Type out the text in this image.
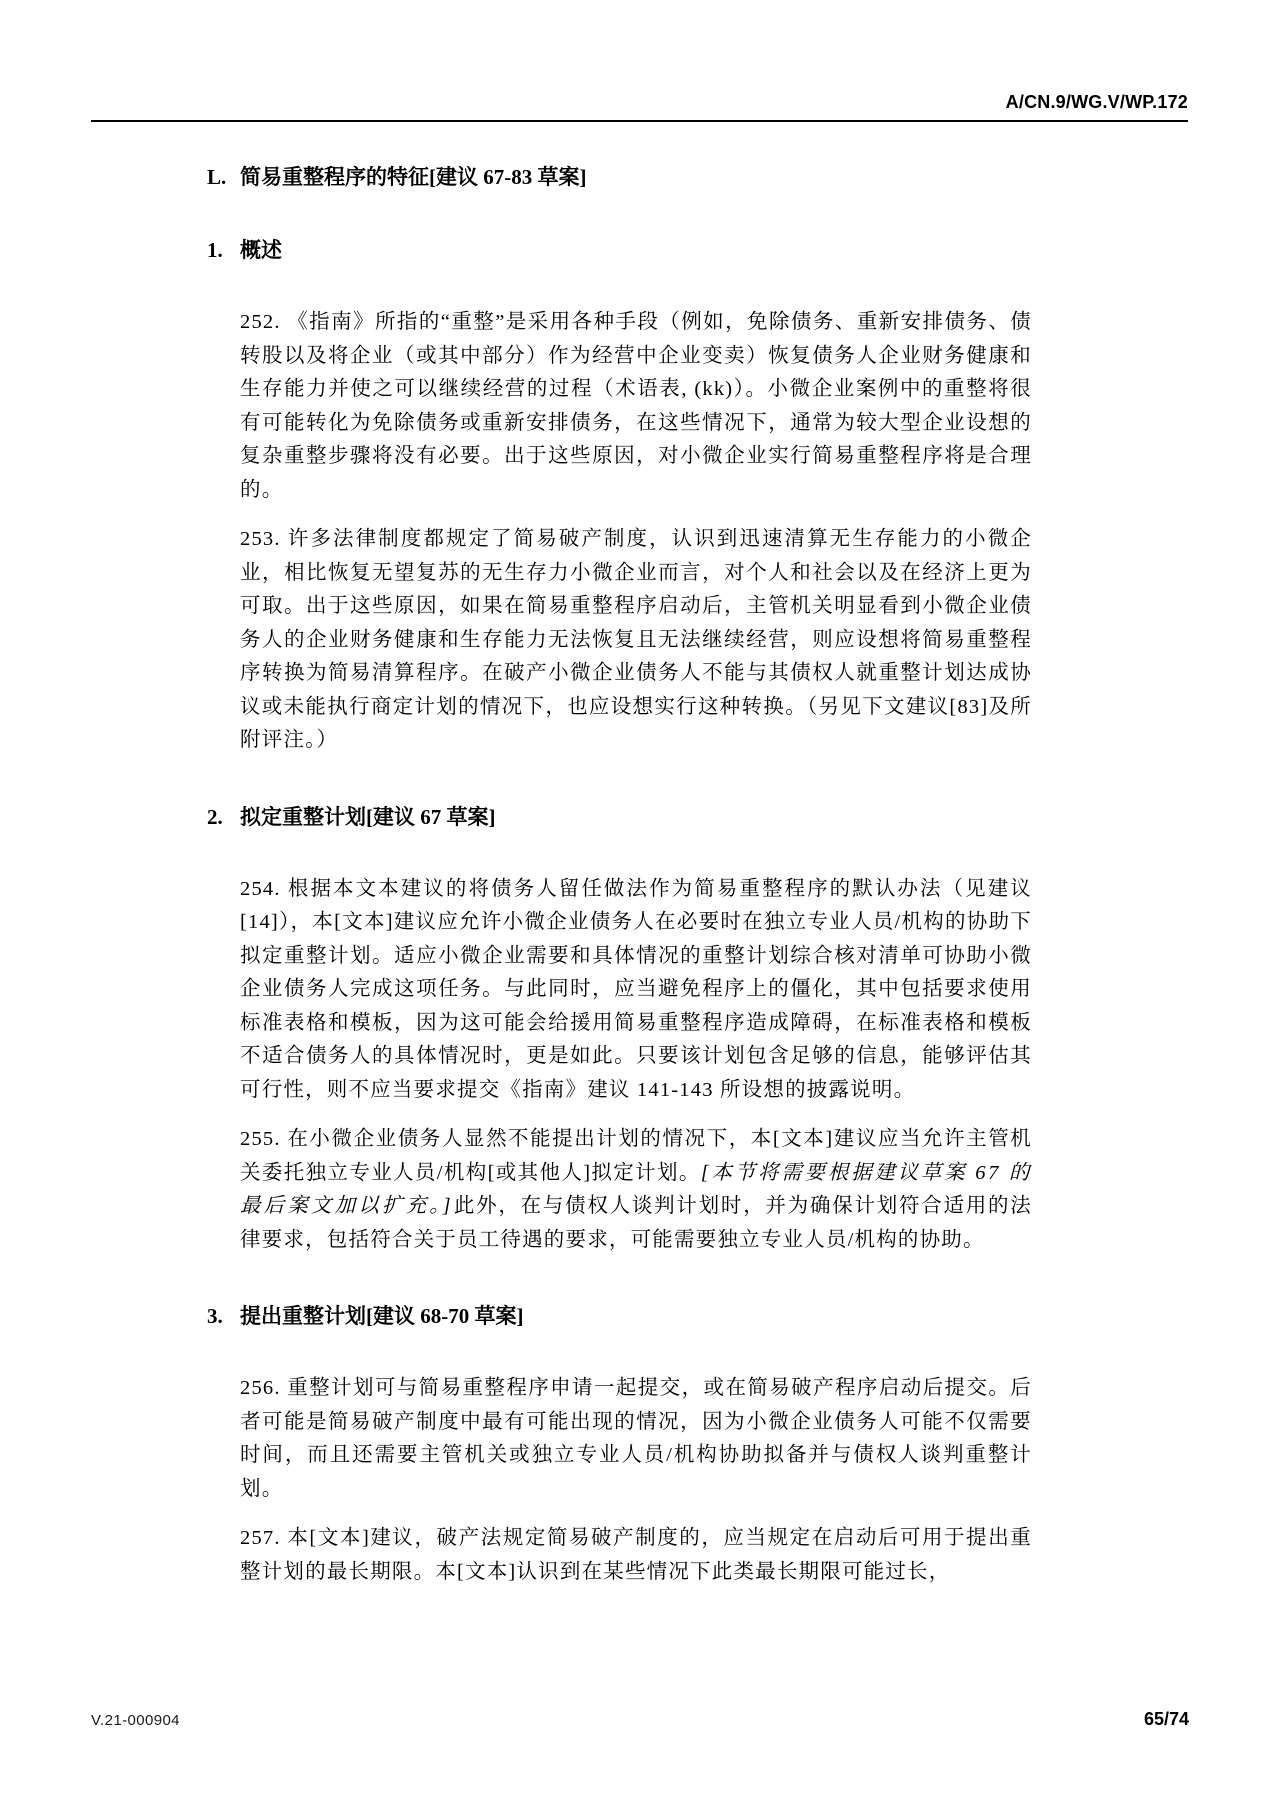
A/CN.9/WG.V/WP.172
L. 简易重整程序的特征[建议 67-83 草案]
1. 概述

252. 《指南》所指的“重整”是采用各种手段（例如，免除债务、重新安排债务、债转股以及将企业（或其中部分）作为经营中企业变卖）恢复债务人企业财务健康和生存能力并使之可以继续经营的过程（术语表, (kk)）。小微企业案例中的重整将很有可能转化为免除债务或重新安排债务，在这些情况下，通常为较大型企业设想的复杂重整步骤将没有必要。出于这些原因，对小微企业实行简易重整程序将是合理的。

253. 许多法律制度都规定了简易破产制度，认识到迅速清算无生存能力的小微企业，相比恢复无望复苏的无生存力小微企业而言，对个人和社会以及在经济上更为可取。出于这些原因，如果在简易重整程序启动后，主管机关明显看到小微企业债务人的企业财务健康和生存能力无法恢复且无法继续经营，则应设想将简易重整程序转换为简易清算程序。在破产小微企业债务人不能与其债权人就重整计划达成协议或未能执行商定计划的情况下，也应设想实行这种转换。（另见下文建议[83]及所附评注。）

2. 拟定重整计划[建议 67 草案]

254. 根据本文本建议的将债务人留任做法作为简易重整程序的默认办法（见建议[14]），本[文本]建议应允许小微企业债务人在必要时在独立专业人员/机构的协助下拟定重整计划。适应小微企业需要和具体情况的重整计划综合核对清单可协助小微企业债务人完成这项任务。与此同时，应当避免程序上的僵化，其中包括要求使用标准表格和模板，因为这可能会给援用简易重整程序造成障碍，在标准表格和模板不适合债务人的具体情况时，更是如此。只要该计划包含足够的信息，能够评估其可行性，则不应当要求提交《指南》建议 141-143 所设想的披露说明。

255. 在小微企业债务人显然不能提出计划的情况下，本[文本]建议应当允许主管机关委托独立专业人员/机构[或其他人]拟定计划。[本节将需要根据建议草案 67 的最后案文加以扩充。]此外，在与债权人谈判计划时，并为确保计划符合适用的法律要求，包括符合关于员工待遇的要求，可能需要独立专业人员/机构的协助。

3. 提出重整计划[建议 68-70 草案]

256. 重整计划可与简易重整程序申请一起提交，或在简易破产程序启动后提交。后者可能是简易破产制度中最有可能出现的情况，因为小微企业债务人可能不仅需要时间，而且还需要主管机关或独立专业人员/机构协助拟备并与债权人谈判重整计划。

257. 本[文本]建议，破产法规定简易破产制度的，应当规定在启动后可用于提出重整计划的最长期限。本[文本]认识到在某些情况下此类最长期限可能过长，

V.21-000904	65/74
